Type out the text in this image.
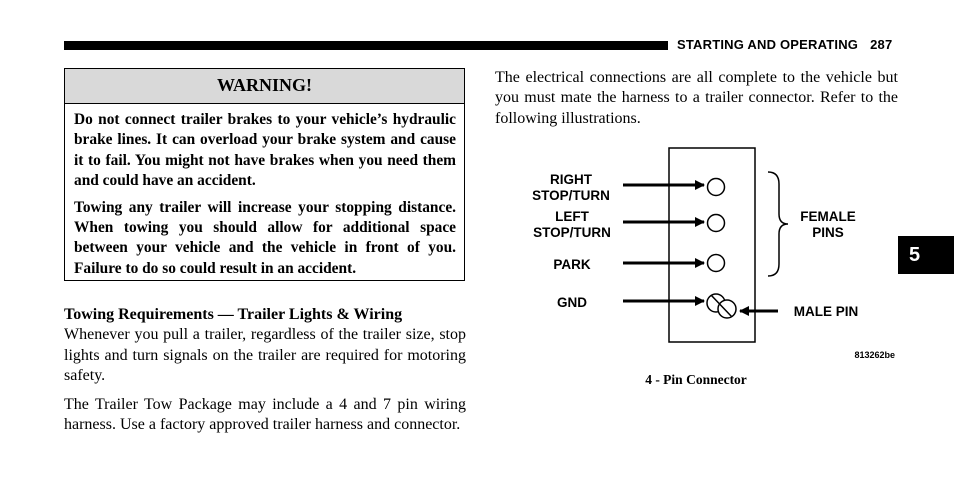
STARTING AND OPERATING 287
WARNING!

Do not connect trailer brakes to your vehicle’s hydraulic brake lines. It can overload your brake system and cause it to fail. You might not have brakes when you need them and could have an accident.

Towing any trailer will increase your stopping distance. When towing you should allow for additional space between your vehicle and the vehicle in front of you. Failure to do so could result in an accident.

Towing Requirements — Trailer Lights & Wiring
Whenever you pull a trailer, regardless of the trailer size, stop lights and turn signals on the trailer are required for motoring safety.
The Trailer Tow Package may include a 4 and 7 pin wiring harness. Use a factory approved trailer harness and connector.
The electrical connections are all complete to the vehicle but you must mate the harness to a trailer connector. Refer to the following illustrations.
RIGHT
STOP/TURN
LEFT
STOP/TURN
PARK
GND
FEMALE
PINS
MALE PIN
813262be
4 - Pin Connector
5
